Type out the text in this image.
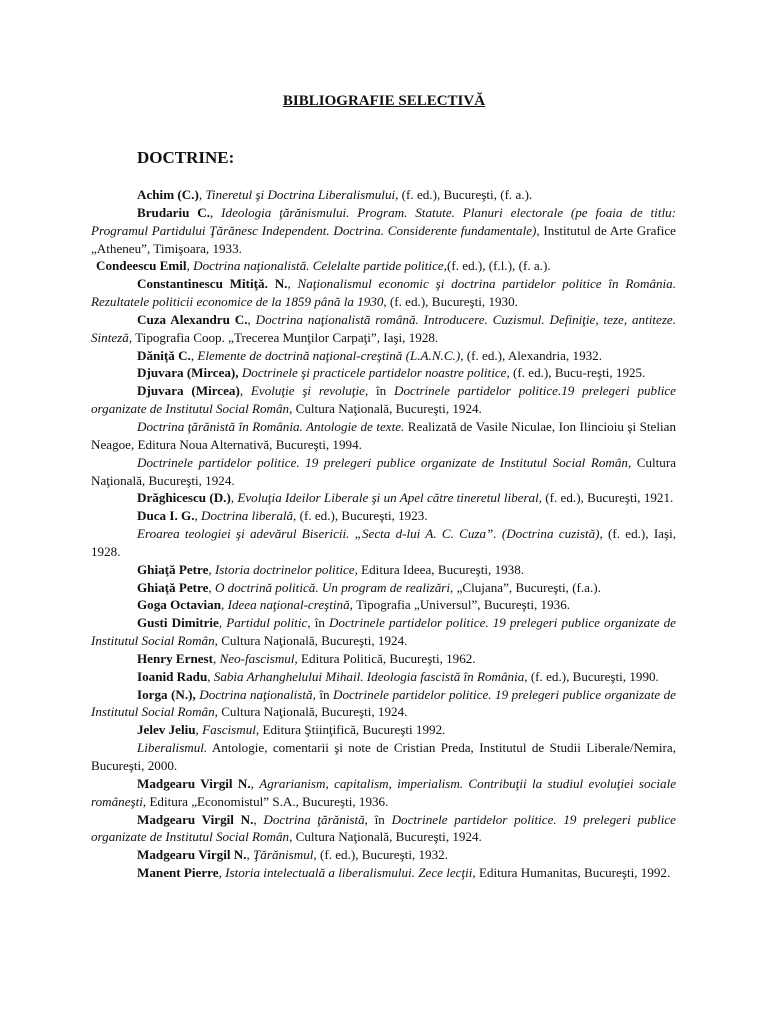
BIBLIOGRAFIE SELECTIVĂ
DOCTRINE:

Achim (C.), Tineretul şi Doctrina Liberalismului, (f. ed.), Bucureşti, (f. a.).

Brudariu C., Ideologia ţărănismului. Program. Statute. Planuri electorale (pe foaia de titlu: Programul Partidului Ţărănesc Independent. Doctrina. Considerente fundamentale), Institutul de Arte Grafice „Atheneu”, Timişoara, 1933.

Condeescu Emil, Doctrina naţionalistă. Celelalte partide politice,(f. ed.), (f.l.), (f. a.).

Constantinescu Mitiţă. N., Naţionalismul economic şi doctrina partidelor politice în România. Rezultatele politicii economice de la 1859 până la 1930, (f. ed.), Bucureşti, 1930.

Cuza Alexandru C., Doctrina naţionalistă română. Introducere. Cuzismul. Definiţie, teze, antiteze. Sinteză, Tipografia Coop. „Trecerea Munţilor Carpaţi”, Iaşi, 1928.

Dăniţă C., Elemente de doctrină naţional-creştină (L.A.N.C.), (f. ed.), Alexandria, 1932.

Djuvara (Mircea), Doctrinele şi practicele partidelor noastre politice, (f. ed.), Bucu-reşti, 1925.

Djuvara (Mircea), Evoluţie şi revoluţie, în Doctrinele partidelor politice.19 prelegeri publice organizate de Institutul Social Român, Cultura Naţională, Bucureşti, 1924.

Doctrina ţărănistă în România. Antologie de texte. Realizată de Vasile Niculae, Ion Ilincioiu şi Stelian Neagoe, Editura Noua Alternativă, Bucureşti, 1994.

Doctrinele partidelor politice. 19 prelegeri publice organizate de Institutul Social Român, Cultura Naţională, Bucureşti, 1924.

Drăghicescu (D.), Evoluţia Ideilor Liberale şi un Apel către tineretul liberal, (f. ed.), Bucureşti, 1921.

Duca I. G., Doctrina liberală, (f. ed.), Bucureşti, 1923.

Eroarea teologiei şi adevărul Bisericii. „Secta d-lui A. C. Cuza”. (Doctrina cuzistă), (f. ed.), Iaşi, 1928.

Ghiaţă Petre, Istoria doctrinelor politice, Editura Ideea, Bucureşti, 1938.

Ghiaţă Petre, O doctrină politică. Un program de realizări, „Clujana”, Bucureşti, (f.a.).

Goga Octavian, Ideea naţional-creştină, Tipografia „Universul”, Bucureşti, 1936.

Gusti Dimitrie, Partidul politic, în Doctrinele partidelor politice. 19 prelegeri publice organizate de Institutul Social Român, Cultura Naţională, Bucureşti, 1924.

Henry Ernest, Neo-fascismul, Editura Politică, Bucureşti, 1962.

Ioanid Radu, Sabia Arhanghelului Mihail. Ideologia fascistă în România, (f. ed.), Bucureşti, 1990.

Iorga (N.), Doctrina naţionalistă, în Doctrinele partidelor politice. 19 prelegeri publice organizate de Institutul Social Român, Cultura Naţională, Bucureşti, 1924.

Jelev Jeliu, Fascismul, Editura Ştiinţifică, Bucureşti 1992.

Liberalismul. Antologie, comentarii şi note de Cristian Preda, Institutul de Studii Liberale/Nemira, Bucureşti, 2000.

Madgearu Virgil N., Agrarianism, capitalism, imperialism. Contribuţii la studiul evoluţiei sociale româneşti, Editura „Economistul” S.A., Bucureşti, 1936.

Madgearu Virgil N., Doctrina ţărănistă, în Doctrinele partidelor politice. 19 prelegeri publice organizate de Institutul Social Român, Cultura Naţională, Bucureşti, 1924.

Madgearu Virgil N., Ţărănismul, (f. ed.), Bucureşti, 1932.

Manent Pierre, Istoria intelectuală a liberalismului. Zece lecţii, Editura Humanitas, Bucureşti, 1992.
